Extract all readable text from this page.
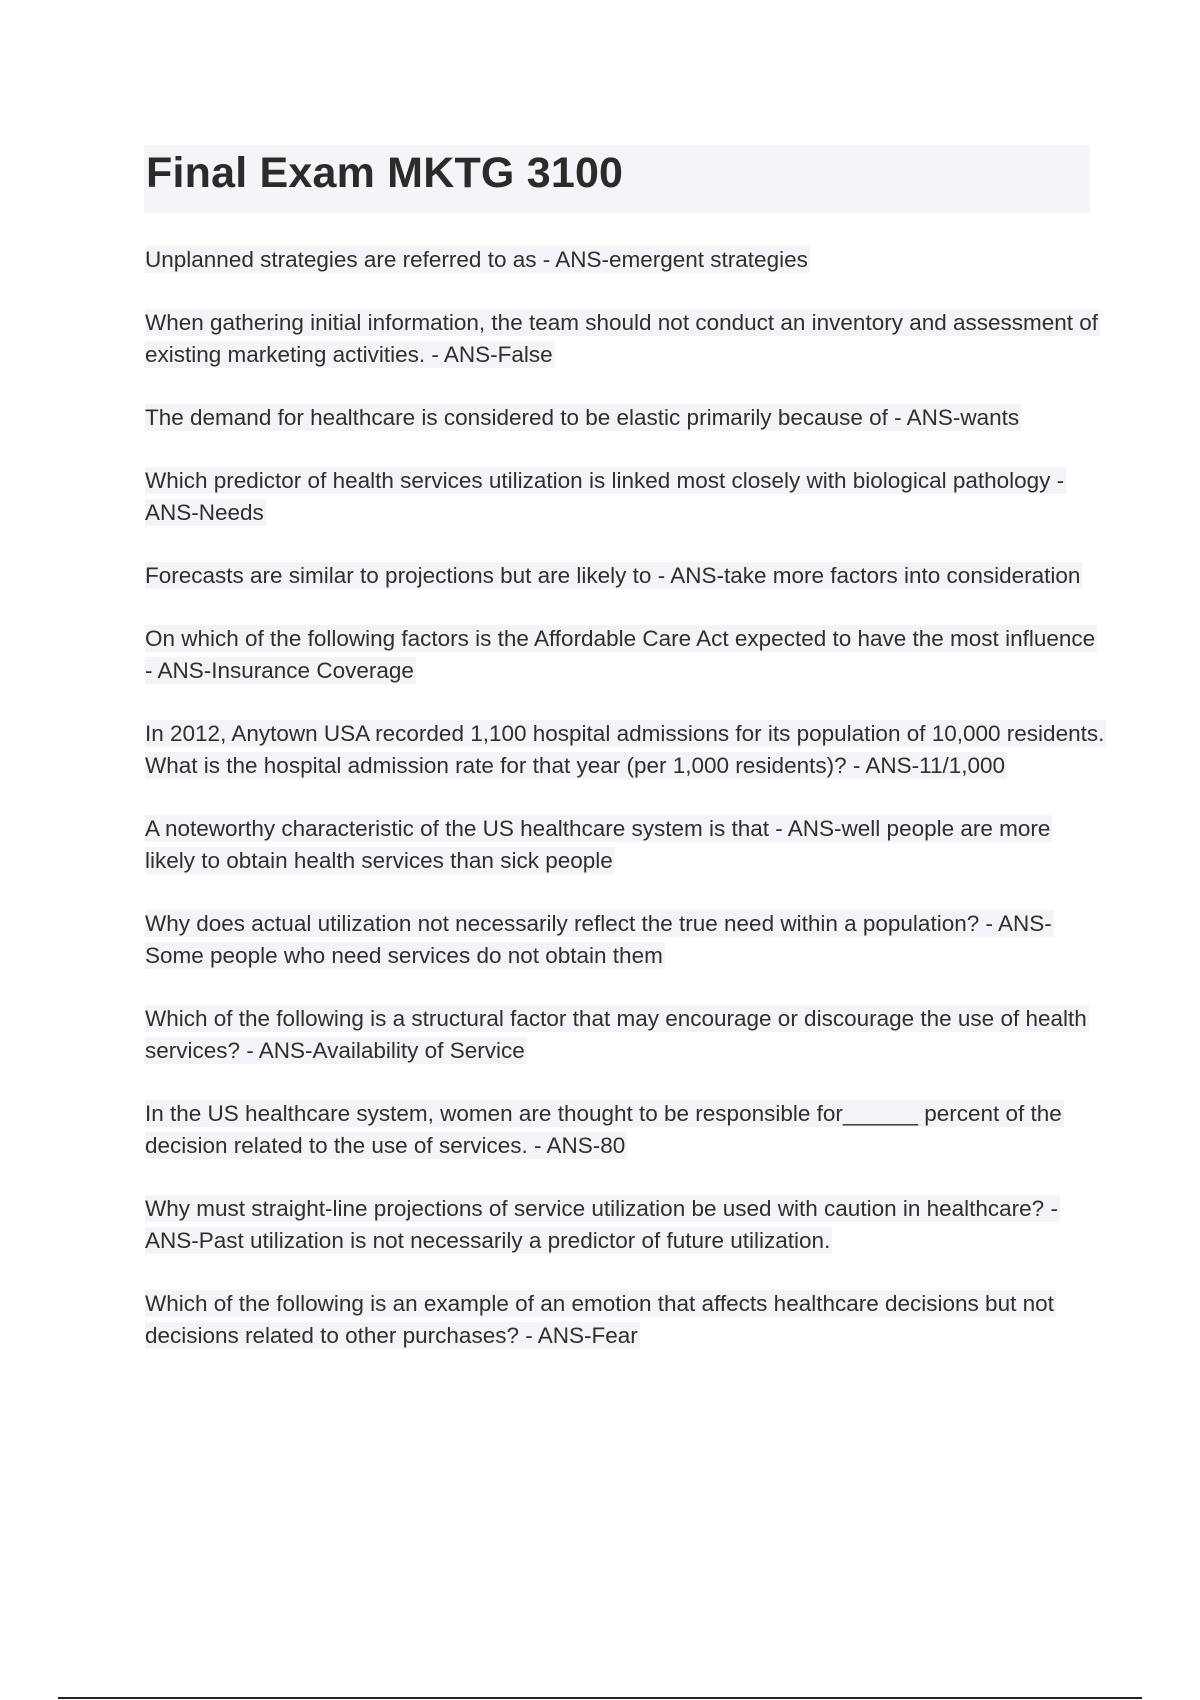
Final Exam MKTG 3100
Unplanned strategies are referred to as - ANS-emergent strategies
When gathering initial information, the team should not conduct an inventory and assessment of existing marketing activities. - ANS-False
The demand for healthcare is considered to be elastic primarily because of - ANS-wants
Which predictor of health services utilization is linked most closely with biological pathology - ANS-Needs
Forecasts are similar to projections but are likely to - ANS-take more factors into consideration
On which of the following factors is the Affordable Care Act expected to have the most influence - ANS-Insurance Coverage
In 2012, Anytown USA recorded 1,100 hospital admissions for its population of 10,000 residents. What is the hospital admission rate for that year (per 1,000 residents)? - ANS-11/1,000
A noteworthy characteristic of the US healthcare system is that - ANS-well people are more likely to obtain health services than sick people
Why does actual utilization not necessarily reflect the true need within a population? - ANS-Some people who need services do not obtain them
Which of the following is a structural factor that may encourage or discourage the use of health services? - ANS-Availability of Service
In the US healthcare system, women are thought to be responsible for______ percent of the decision related to the use of services. - ANS-80
Why must straight-line projections of service utilization be used with caution in healthcare? - ANS-Past utilization is not necessarily a predictor of future utilization.
Which of the following is an example of an emotion that affects healthcare decisions but not decisions related to other purchases? - ANS-Fear
